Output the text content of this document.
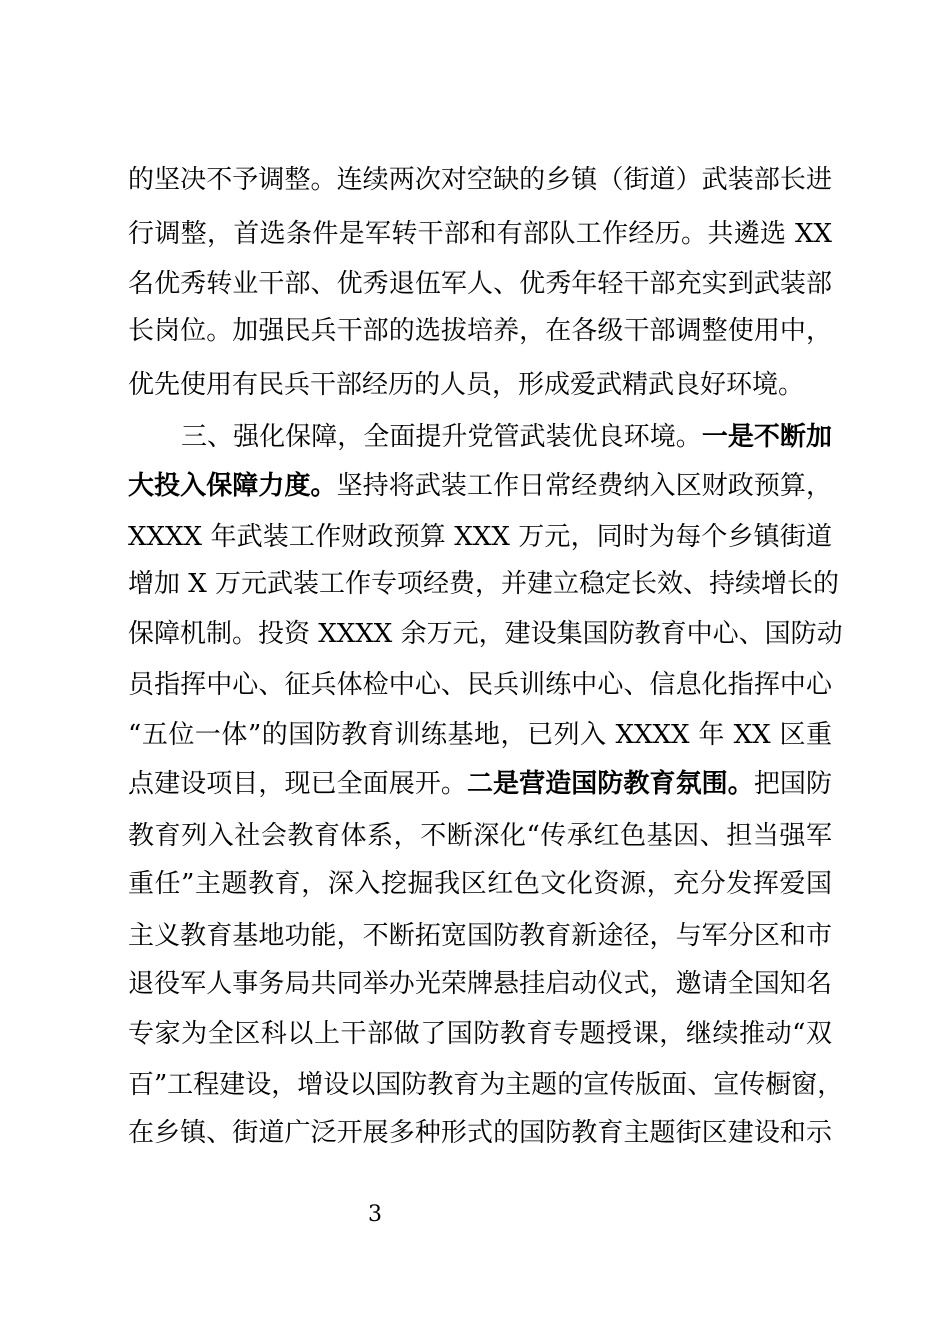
的坚决不予调整。连续两次对空缺的乡镇（街道）武装部长进
行调整，首选条件是军转干部和有部队工作经历。共遴选 XX
名优秀转业干部、优秀退伍军人、优秀年轻干部充实到武装部
长岗位。加强民兵干部的选拔培养，在各级干部调整使用中，
优先使用有民兵干部经历的人员，形成爱武精武良好环境。
三、强化保障，全面提升党管武装优良环境。一是不断加
大投入保障力度。坚持将武装工作日常经费纳入区财政预算，
XXXX 年武装工作财政预算 XXX 万元，同时为每个乡镇街道
增加 X 万元武装工作专项经费，并建立稳定长效、持续增长的
保障机制。投资 XXXX 余万元，建设集国防教育中心、国防动
员指挥中心、征兵体检中心、民兵训练中心、信息化指挥中心
“五位一体”的国防教育训练基地，已列入 XXXX 年 XX 区重
点建设项目，现已全面展开。二是营造国防教育氛围。把国防
教育列入社会教育体系，不断深化“传承红色基因、担当强军
重任”主题教育，深入挖掘我区红色文化资源，充分发挥爱国
主义教育基地功能，不断拓宽国防教育新途径，与军分区和市
退役军人事务局共同举办光荣牌悬挂启动仪式，邀请全国知名
专家为全区科以上干部做了国防教育专题授课，继续推动“双
百”工程建设，增设以国防教育为主题的宣传版面、宣传橱窗，
在乡镇、街道广泛开展多种形式的国防教育主题街区建设和示
3
